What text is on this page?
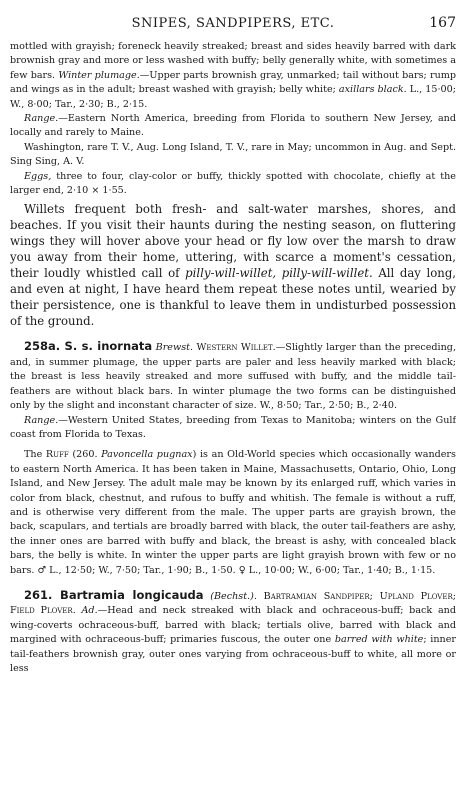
SNIPES, SANDPIPERS, ETC.	167

mottled with grayish; foreneck heavily streaked; breast and sides heavily barred with dark brownish gray and more or less washed with buffy; belly generally white, with sometimes a few bars. Winter plumage.—Upper parts brownish gray, unmarked; tail without bars; rump and wings as in the adult; breast washed with grayish; belly white; axillars black. L., 15·00; W., 8·00; Tar., 2·30; B., 2·15.

Range.—Eastern North America, breeding from Florida to southern New Jersey, and locally and rarely to Maine.

Washington, rare T. V., Aug. Long Island, T. V., rare in May; uncommon in Aug. and Sept. Sing Sing, A. V.

Eggs, three to four, clay-color or buffy, thickly spotted with chocolate, chiefly at the larger end, 2·10 × 1·55.

Willets frequent both fresh- and salt-water marshes, shores, and beaches. If you visit their haunts during the nesting season, on fluttering wings they will hover above your head or fly low over the marsh to draw you away from their home, uttering, with scarce a moment's cessation, their loudly whistled call of pilly-will-willet, pilly-will-willet. All day long, and even at night, I have heard them repeat these notes until, wearied by their persistence, one is thankful to leave them in undisturbed possession of the ground.

258a. S. s. inornata Brewst. Western Willet.—Slightly larger than the preceding, and, in summer plumage, the upper parts are paler and less heavily marked with black; the breast is less heavily streaked and more suffused with buffy, and the middle tail-feathers are without black bars. In winter plumage the two forms can be distinguished only by the slight and inconstant character of size. W., 8·50; Tar., 2·50; B., 2·40.

Range.—Western United States, breeding from Texas to Manitoba; winters on the Gulf coast from Florida to Texas.

The Ruff (260. Pavoncella pugnax) is an Old-World species which occasionally wanders to eastern North America. It has been taken in Maine, Massachusetts, Ontario, Ohio, Long Island, and New Jersey. The adult male may be known by its enlarged ruff, which varies in color from black, chestnut, and rufous to buffy and whitish. The female is without a ruff, and is otherwise very different from the male. The upper parts are grayish brown, the back, scapulars, and tertials are broadly barred with black, the outer tail-feathers are ashy, the inner ones are barred with buffy and black, the breast is ashy, with concealed black bars, the belly is white. In winter the upper parts are light grayish brown with few or no bars. ♂ L., 12·50; W., 7·50; Tar., 1·90; B., 1·50. ♀ L., 10·00; W., 6·00; Tar., 1·40; B., 1·15.

261. Bartramia longicauda (Bechst.). Bartramian Sandpiper; Upland Plover; Field Plover. Ad.—Head and neck streaked with black and ochraceous-buff; back and wing-coverts ochraceous-buff, barred with black; tertials olive, barred with black and margined with ochraceous-buff; primaries fuscous, the outer one barred with white; inner tail-feathers brownish gray, outer ones varying from ochraceous-buff to white, all more or less
